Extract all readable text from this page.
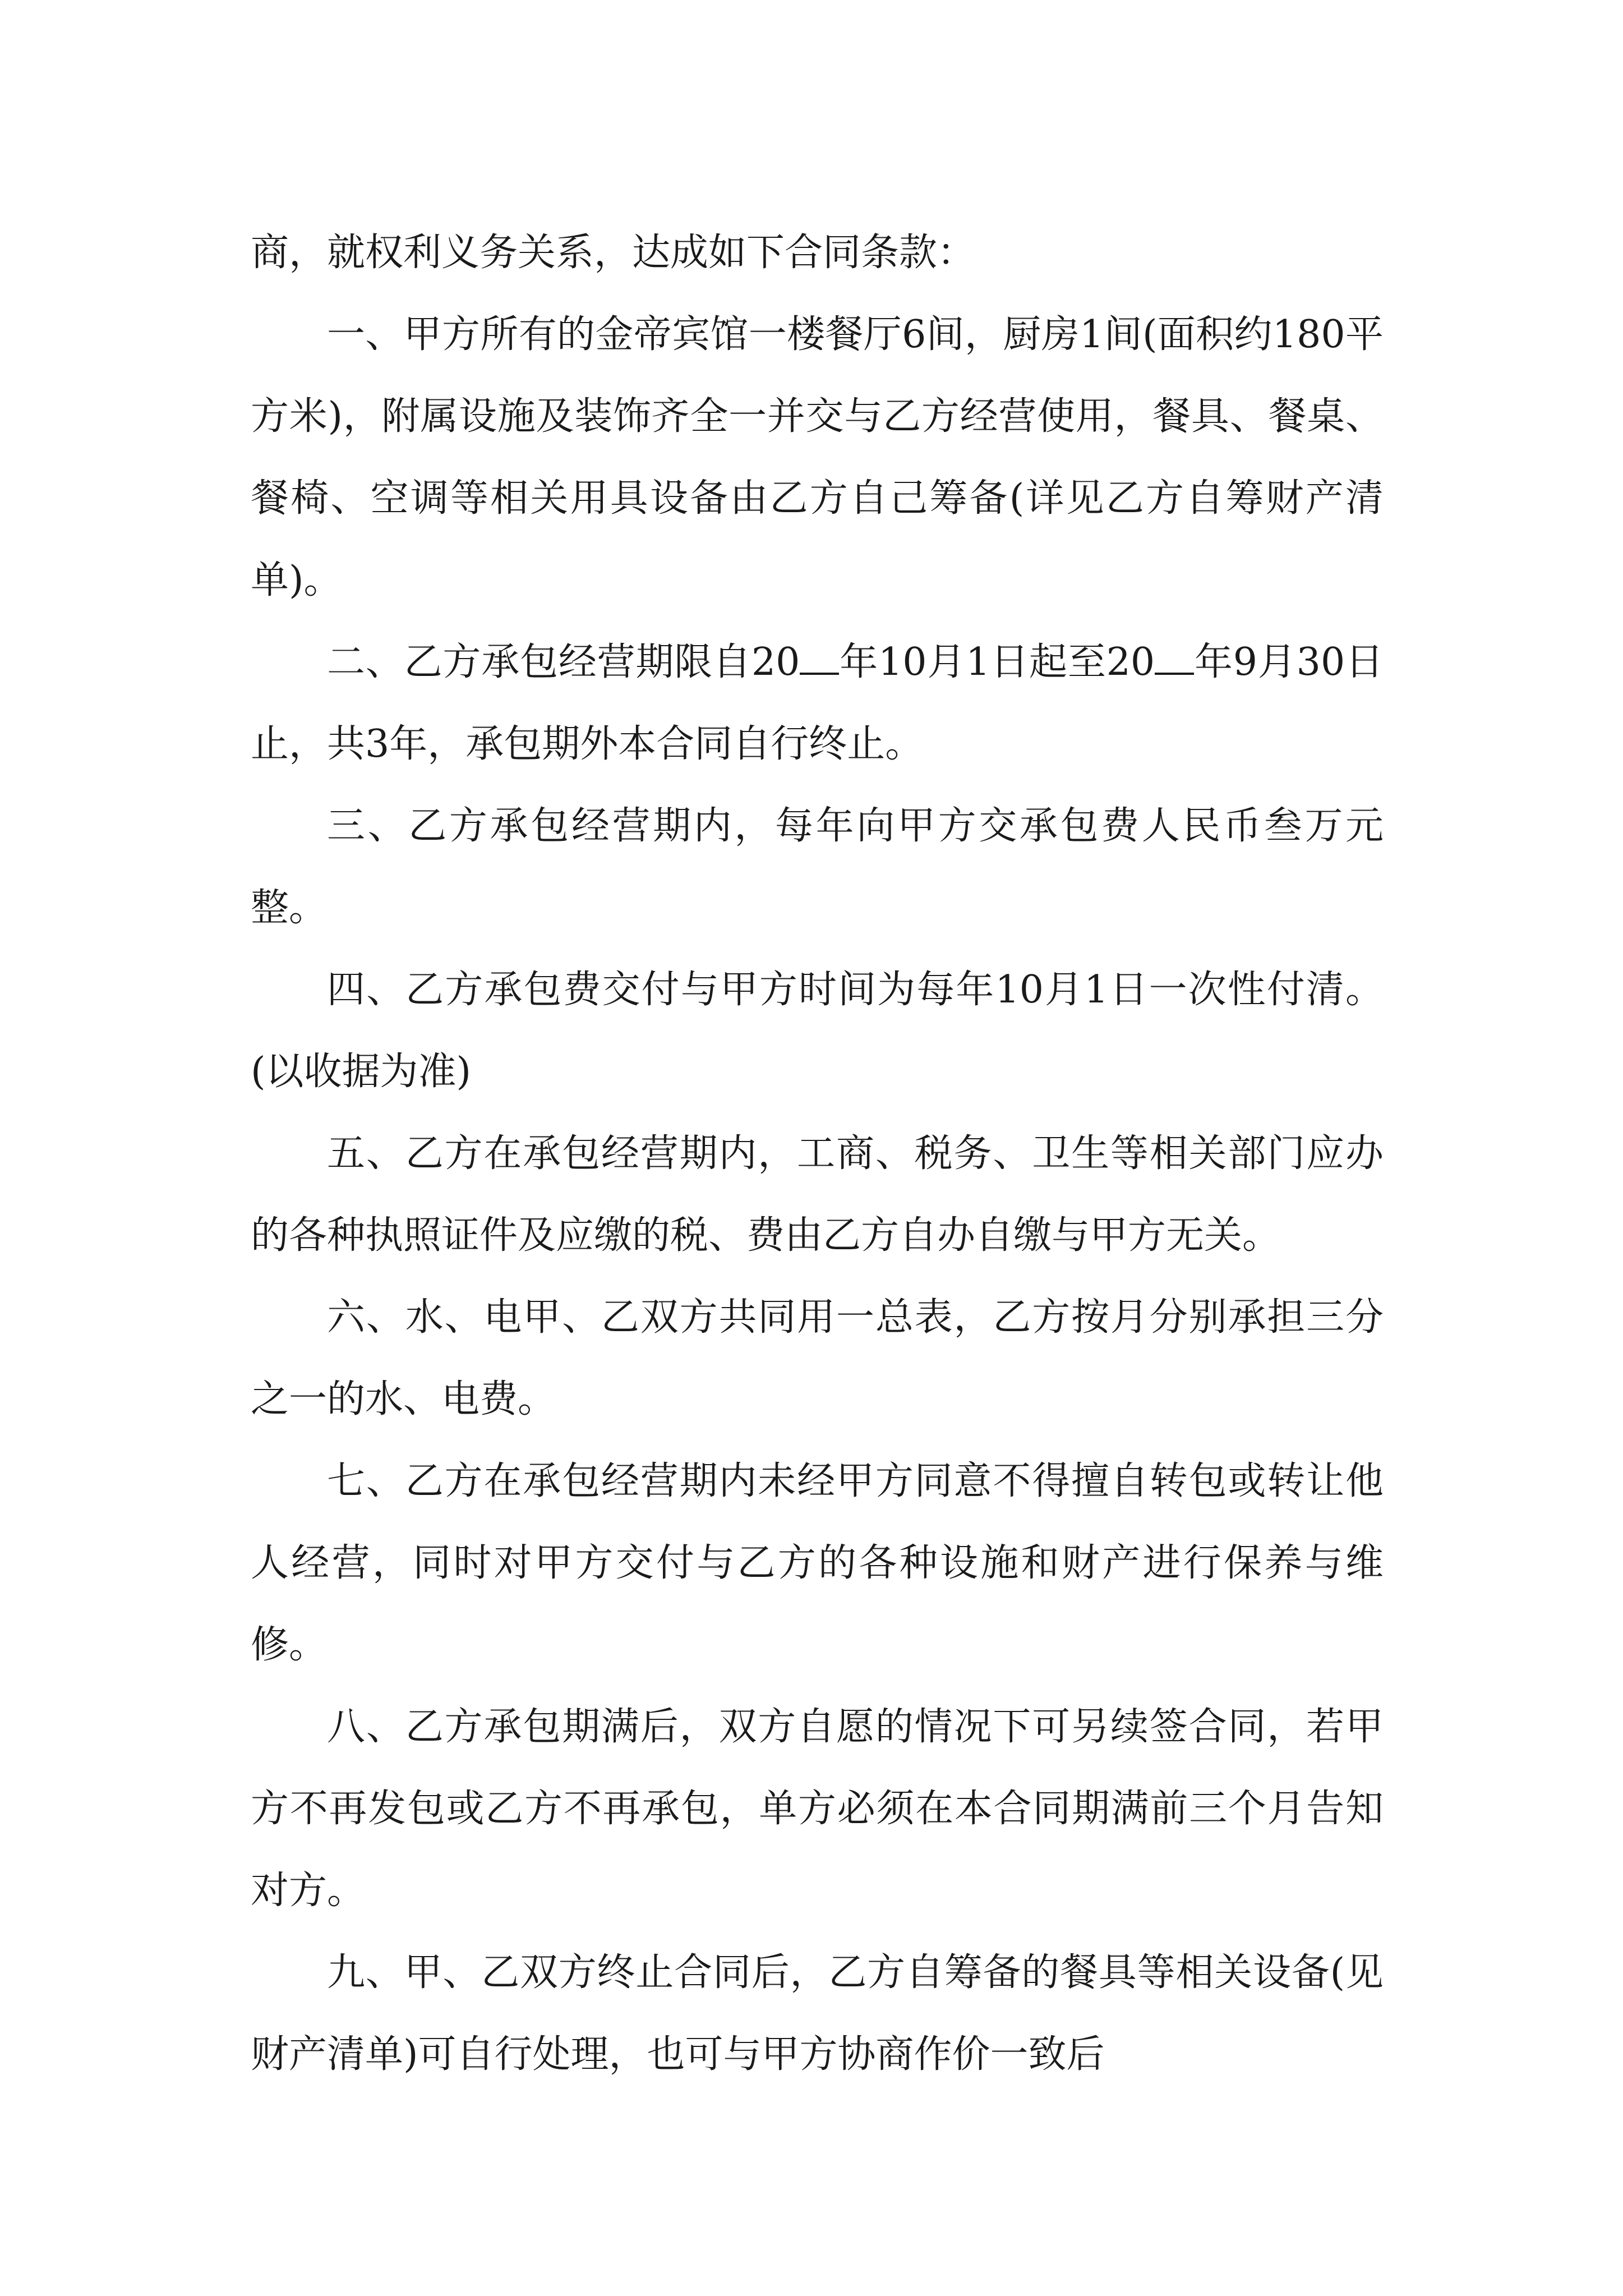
商，就权利义务关系，达成如下合同条款：

一、甲方所有的金帝宾馆一楼餐厅6间，厨房1间(面积约180平方米)，附属设施及装饰齐全一并交与乙方经营使用，餐具、餐桌、餐椅、空调等相关用具设备由乙方自己筹备(详见乙方自筹财产清单)。

二、乙方承包经营期限自20 年10月1日起至20 年9月30日止，共3年，承包期外本合同自行终止。

三、乙方承包经营期内，每年向甲方交承包费人民币叁万元整。

四、乙方承包费交付与甲方时间为每年10月1日一次性付清。(以收据为准)

五、乙方在承包经营期内，工商、税务、卫生等相关部门应办的各种执照证件及应缴的税、费由乙方自办自缴与甲方无关。

六、水、电甲、乙双方共同用一总表，乙方按月分别承担三分之一的水、电费。

七、乙方在承包经营期内未经甲方同意不得擅自转包或转让他人经营，同时对甲方交付与乙方的各种设施和财产进行保养与维修。

八、乙方承包期满后，双方自愿的情况下可另续签合同，若甲方不再发包或乙方不再承包，单方必须在本合同期满前三个月告知对方。

九、甲、乙双方终止合同后，乙方自筹备的餐具等相关设备(见财产清单)可自行处理，也可与甲方协商作价一致后
